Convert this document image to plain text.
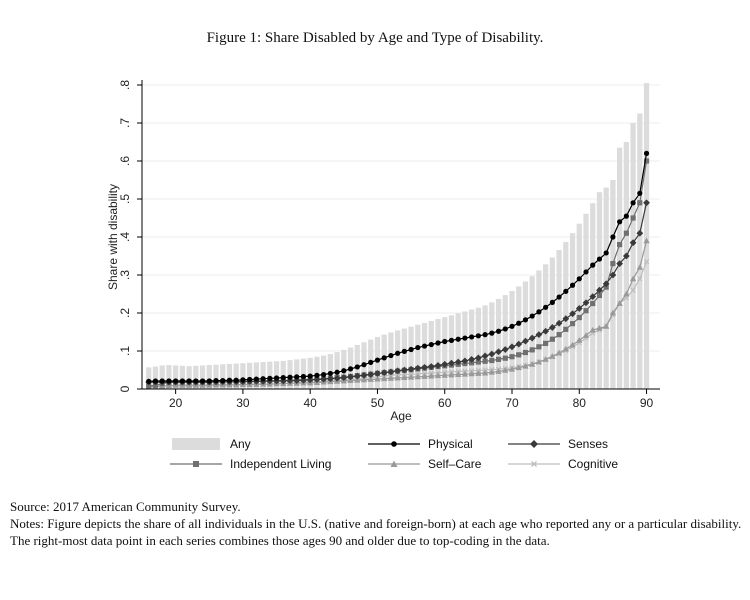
Figure 1: Share Disabled by Age and Type of Disability.
0
.1
.2
.3
.4
.5
.6
.7
.8
20	30	40	50	60	70	80	90
Share with disability
Age
Any	Physical	Senses
Independent Living	Self–Care	Cognitive

Source: 2017 American Community Survey.

Notes: Figure depicts the share of all individuals in the U.S. (native and foreign-born) at each age who reported any or a particular disability. The right-most data point in each series combines those ages 90 and older due to top-coding in the data.
